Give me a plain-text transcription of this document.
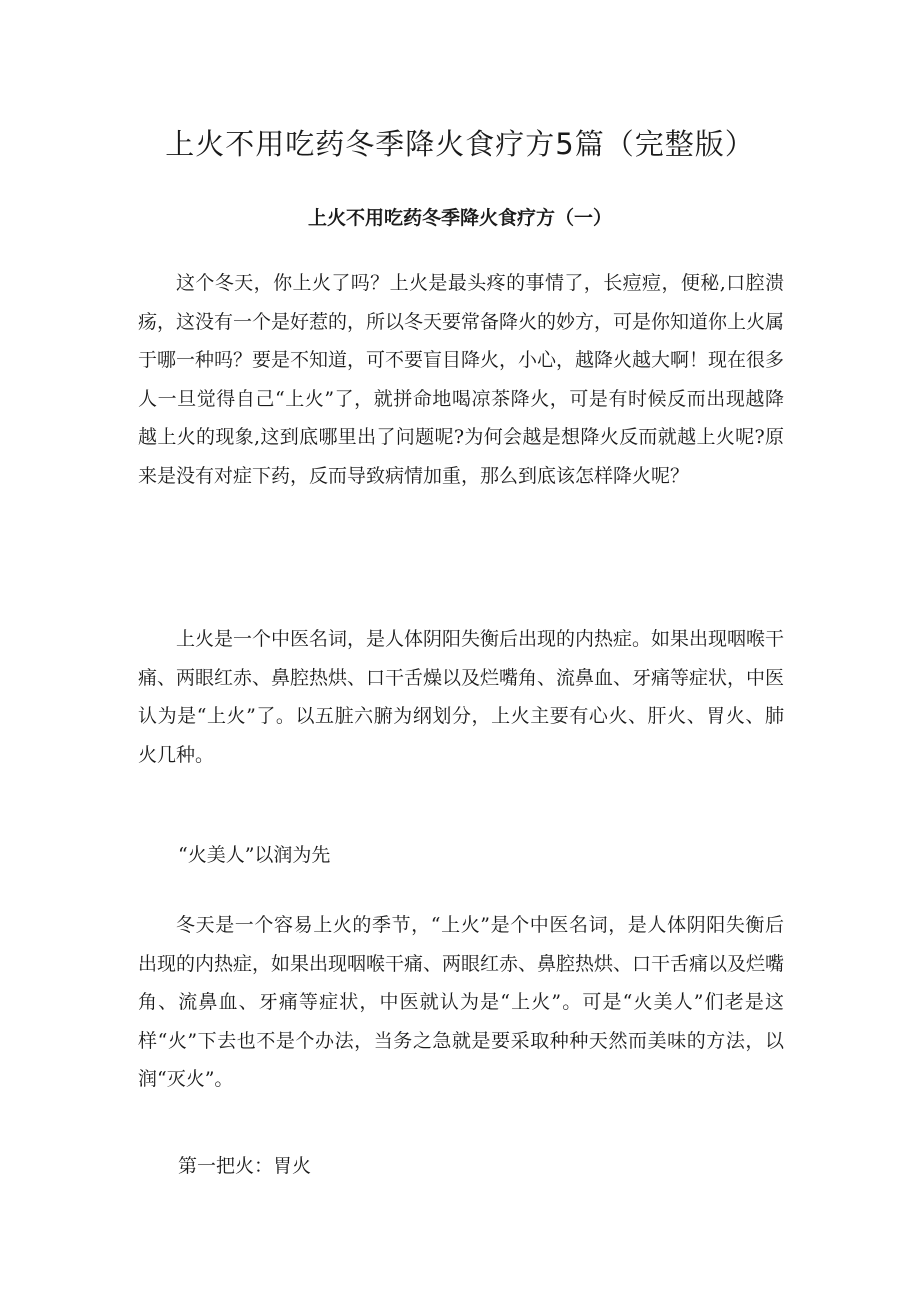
上火不用吃药冬季降火食疗方5篇（完整版）
上火不用吃药冬季降火食疗方（一）

这个冬天，你上火了吗？上火是最头疼的事情了，长痘痘，便秘,口腔溃疡，这没有一个是好惹的，所以冬天要常备降火的妙方，可是你知道你上火属于哪一种吗？要是不知道，可不要盲目降火，小心，越降火越大啊！现在很多人一旦觉得自己“上火”了，就拼命地喝凉茶降火，可是有时候反而出现越降越上火的现象,这到底哪里出了问题呢?为何会越是想降火反而就越上火呢?原来是没有对症下药，反而导致病情加重，那么到底该怎样降火呢？

上火是一个中医名词，是人体阴阳失衡后出现的内热症。如果出现咽喉干痛、两眼红赤、鼻腔热烘、口干舌燥以及烂嘴角、流鼻血、牙痛等症状，中医认为是“上火”了。以五脏六腑为纲划分，上火主要有心火、肝火、胃火、肺火几种。

“火美人”以润为先

冬天是一个容易上火的季节，“上火”是个中医名词，是人体阴阳失衡后出现的内热症，如果出现咽喉干痛、两眼红赤、鼻腔热烘、口干舌痛以及烂嘴角、流鼻血、牙痛等症状，中医就认为是“上火”。可是“火美人”们老是这样“火”下去也不是个办法，当务之急就是要采取种种天然而美味的方法，以润“灭火”。

第一把火：胃火
